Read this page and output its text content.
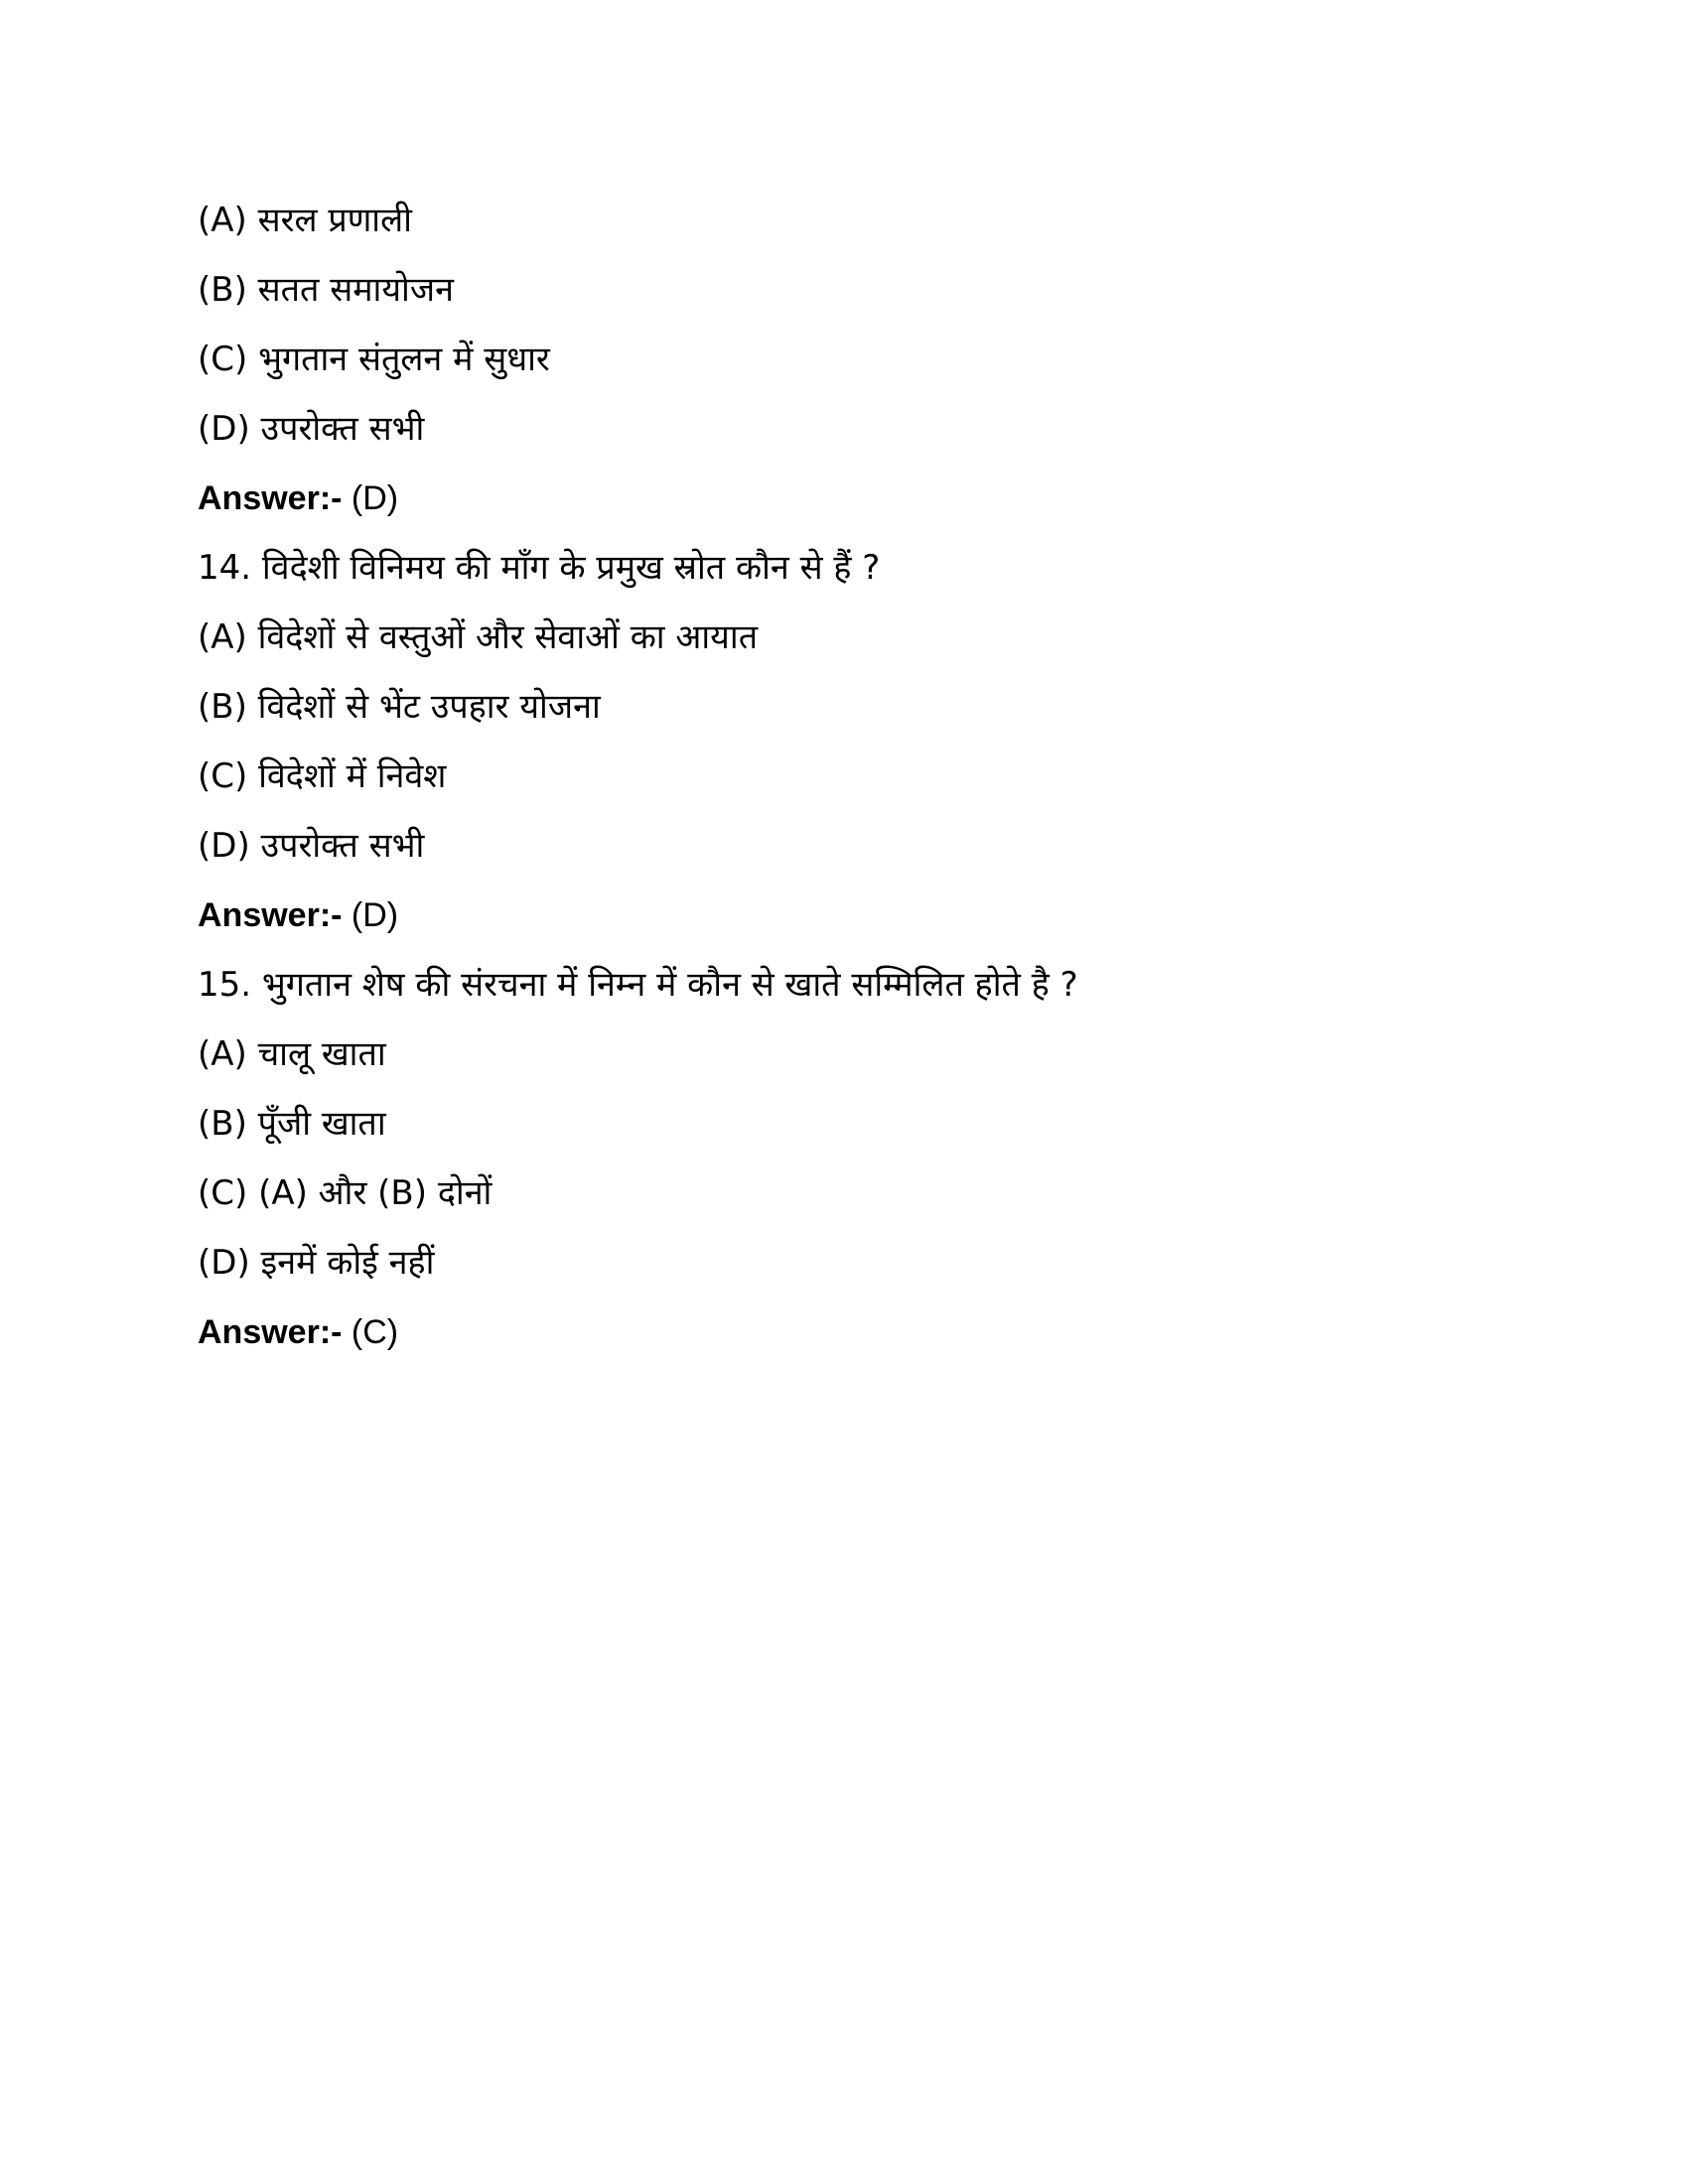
(A) सरल प्रणाली
(B) सतत समायोजन
(C) भुगतान संतुलन में सुधार
(D) उपरोक्त सभी
Answer:- (D)
14. विदेशी विनिमय की माँग के प्रमुख स्रोत कौन से हैं ?
(A) विदेशों से वस्तुओं और सेवाओं का आयात
(B) विदेशों से भेंट उपहार योजना
(C) विदेशों में निवेश
(D) उपरोक्त सभी
Answer:- (D)
15. भुगतान शेष की संरचना में निम्न में कौन से खाते सम्मिलित होते है ?
(A) चालू खाता
(B) पूँजी खाता
(C) (A) और (B) दोनों
(D) इनमें कोई नहीं
Answer:- (C)
